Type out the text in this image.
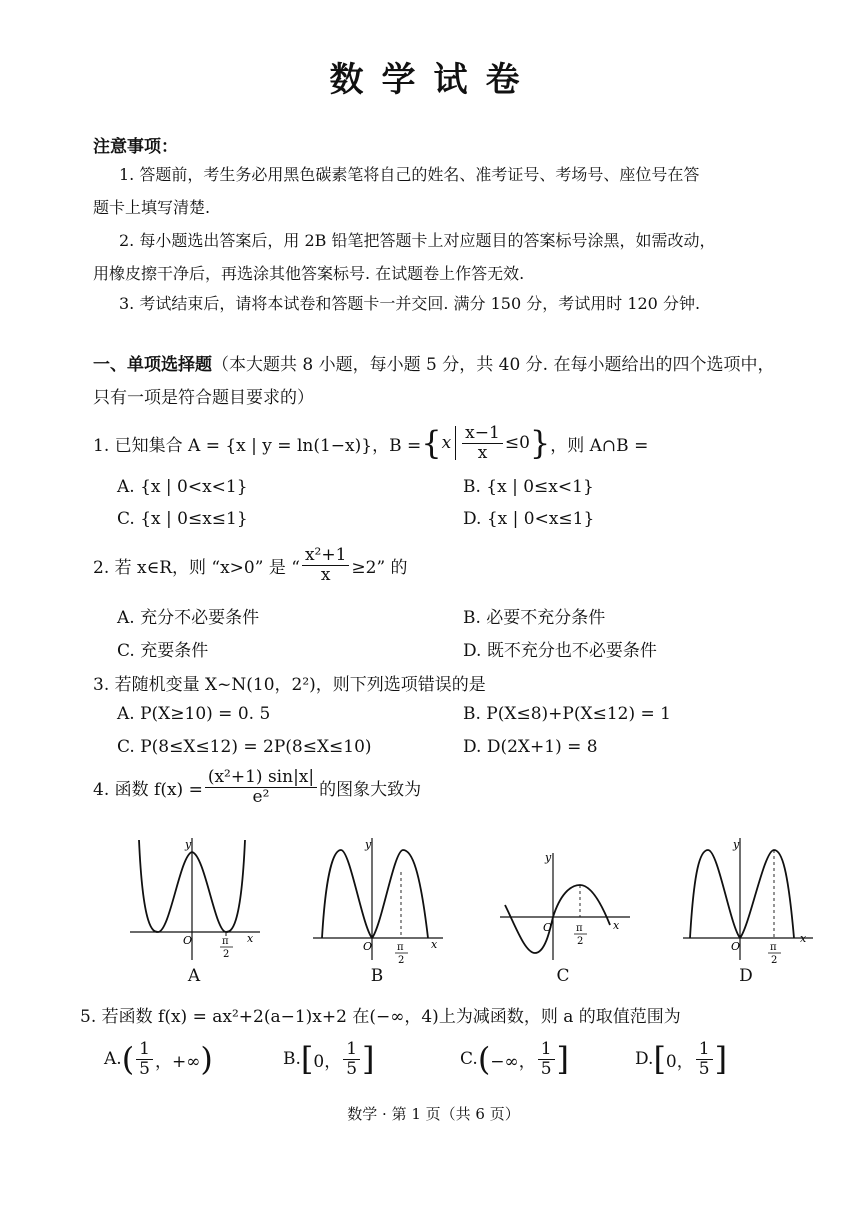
数学试卷
注意事项：
1. 答题前，考生务必用黑色碳素笔将自己的姓名、准考证号、考场号、座位号在答
题卡上填写清楚.
2. 每小题选出答案后，用 2B 铅笔把答题卡上对应题目的答案标号涂黑，如需改动，
用橡皮擦干净后，再选涂其他答案标号. 在试题卷上作答无效.
3. 考试结束后，请将本试卷和答题卡一并交回. 满分 150 分，考试用时 120 分钟.
一、单项选择题（本大题共 8 小题，每小题 5 分，共 40 分. 在每小题给出的四个选项中，
只有一项是符合题目要求的）
1. 已知集合 A = {x | y = ln(1−x)}，B = { x $\frac{x-1}{x} \le 0$ } ，则 A∩B =
A. {x | 0<x<1}	B. {x | 0≤x<1}
C. {x | 0≤x≤1}	D. {x | 0<x≤1}
2. 若 x∈R，则 “x>0” 是 “ $\frac{\text{x²+1}}{x} \ge 2$” 的
A. 充分不必要条件	B. 必要不充分条件
C. 充要条件	D. 既不充分也不必要条件
3. 若随机变量 X~N(10，2²)，则下列选项错误的是
A. P(X≥10) = 0. 5	B. P(X≤8)+P(X≤12) = 1
C. P(8≤X≤12) = 2P(8≤X≤10)	D. D(2X+1) = 8
4. 函数 $f(x) = \frac{\text{(x²+1) sin|x|}}{\text{e²}}$ 的图象大致为
O
y
x
π
2
A
O
y
x
π
2
B
O
y
x
π
2
C
O
y
x
π
2
D
5. 若函数 f(x) = ax²+2(a−1)x+2 在(−∞，4)上为减函数，则 a 的取值范围为
A. ( $\frac{1}{5}$ ，+∞ )	B. [ 0， $\frac{1}{5}$ ]	C. ( −∞， $\frac{1}{5}$ ]	D. [ 0， $\frac{1}{5}$ ]
数学 · 第 1 页（共 6 页）
